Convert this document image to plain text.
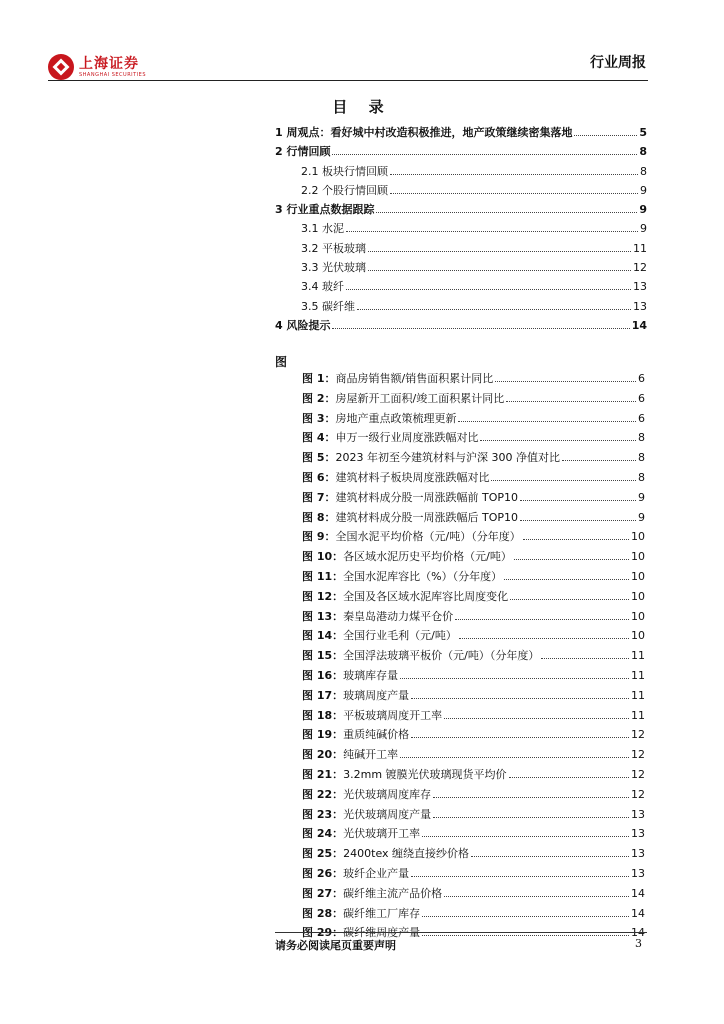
上海证券
SHANGHAI SECURITIES
行业周报
目 录
1 周观点：看好城中村改造积极推进，地产政策继续密集落地	5
2 行情回顾	8
2.1 板块行情回顾	8
2.2 个股行情回顾	9
3 行业重点数据跟踪	9
3.1 水泥	9
3.2 平板玻璃	11
3.3 光伏玻璃	12
3.4 玻纤	13
3.5 碳纤维	13
4 风险提示	14
图
图 1 ：	商品房销售额/销售面积累计同比	6
图 2 ：	房屋新开工面积/竣工面积累计同比	6
图 3 ：	房地产重点政策梳理更新	6
图 4 ：	申万一级行业周度涨跌幅对比	8
图 5 ：	2023 年初至今建筑材料与沪深 300 净值对比	8
图 6 ：	建筑材料子板块周度涨跌幅对比	8
图 7 ：	建筑材料成分股一周涨跌幅前 TOP10	9
图 8 ：	建筑材料成分股一周涨跌幅后 TOP10	9
图 9 ：	全国水泥平均价格（元/吨）（分年度）	10
图 10 ：	各区域水泥历史平均价格（元/吨）	10
图 11 ：	全国水泥库容比（%）（分年度）	10
图 12 ：	全国及各区域水泥库容比周度变化	10
图 13 ：	秦皇岛港动力煤平仓价	10
图 14 ：	全国行业毛利（元/吨）	10
图 15 ：	全国浮法玻璃平板价（元/吨）（分年度）	11
图 16 ：	玻璃库存量	11
图 17 ：	玻璃周度产量	11
图 18 ：	平板玻璃周度开工率	11
图 19 ：	重质纯碱价格	12
图 20 ：	纯碱开工率	12
图 21 ：	3.2mm 镀膜光伏玻璃现货平均价	12
图 22 ：	光伏玻璃周度库存	12
图 23 ：	光伏玻璃周度产量	13
图 24 ：	光伏玻璃开工率	13
图 25 ：	2400tex 缠绕直接纱价格	13
图 26 ：	玻纤企业产量	13
图 27 ：	碳纤维主流产品价格	14
图 28 ：	碳纤维工厂库存	14
图 29 ：	碳纤维周度产量	14
请务必阅读尾页重要声明	3
